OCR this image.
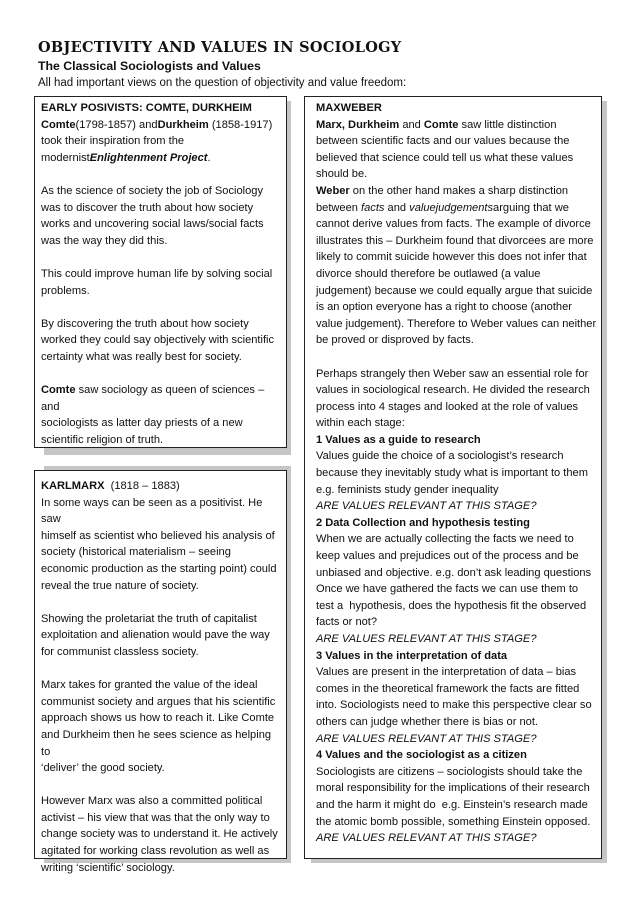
OBJECTIVITY AND VALUES IN SOCIOLOGY
The Classical Sociologists and Values

All had important views on the question of objectivity and value freedom:

EARLY POSIVISTS: COMTE, DURKHEIM

Comte(1798-1857) andDurkheim (1858-1917)

took their inspiration from the

modernistEnlightenment Project.

As the science of society the job of Sociology

was to discover the truth about how society

works and uncovering social laws/social facts

was the way they did this.

This could improve human life by solving social

problems.

By discovering the truth about how society

worked they could say objectively with scientific

certainty what was really best for society.

Comte saw sociology as queen of sciences – and

sociologists as latter day priests of a new

scientific religion of truth.

KARLMARX  (1818 – 1883)

In some ways can be seen as a positivist. He saw

himself as scientist who believed his analysis of

society (historical materialism – seeing

economic production as the starting point) could

reveal the true nature of society.

Showing the proletariat the truth of capitalist

exploitation and alienation would pave the way

for communist classless society.

Marx takes for granted the value of the ideal

communist society and argues that his scientific

approach shows us how to reach it. Like Comte

and Durkheim then he sees science as helping to

‘deliver’ the good society.

However Marx was also a committed political

activist – his view that was that the only way to

change society was to understand it. He actively

agitated for working class revolution as well as

writing ‘scientific’ sociology.

MAXWEBER

Marx, Durkheim and Comte saw little distinction

between scientific facts and our values because the

believed that science could tell us what these values

should be.

Weber on the other hand makes a sharp distinction

between facts and valuejudgementsarguing that we

cannot derive values from facts. The example of divorce

illustrates this – Durkheim found that divorcees are more

likely to commit suicide however this does not infer that

divorce should therefore be outlawed (a value

judgement) because we could equally argue that suicide

is an option everyone has a right to choose (another

value judgement). Therefore to Weber values can neither

be proved or disproved by facts.

Perhaps strangely then Weber saw an essential role for

values in sociological research. He divided the research

process into 4 stages and looked at the role of values

within each stage:

1 Values as a guide to research

Values guide the choice of a sociologist’s research

because they inevitably study what is important to them

e.g. feminists study gender inequality

ARE VALUES RELEVANT AT THIS STAGE?

2 Data Collection and hypothesis testing

When we are actually collecting the facts we need to

keep values and prejudices out of the process and be

unbiased and objective. e.g. don’t ask leading questions

Once we have gathered the facts we can use them to

test a  hypothesis, does the hypothesis fit the observed

facts or not?

ARE VALUES RELEVANT AT THIS STAGE?

3 Values in the interpretation of data

Values are present in the interpretation of data – bias

comes in the theoretical framework the facts are fitted

into. Sociologists need to make this perspective clear so

others can judge whether there is bias or not.

ARE VALUES RELEVANT AT THIS STAGE?

4 Values and the sociologist as a citizen

Sociologists are citizens – sociologists should take the

moral responsibility for the implications of their research

and the harm it might do  e.g. Einstein’s research made

the atomic bomb possible, something Einstein opposed.

ARE VALUES RELEVANT AT THIS STAGE?
